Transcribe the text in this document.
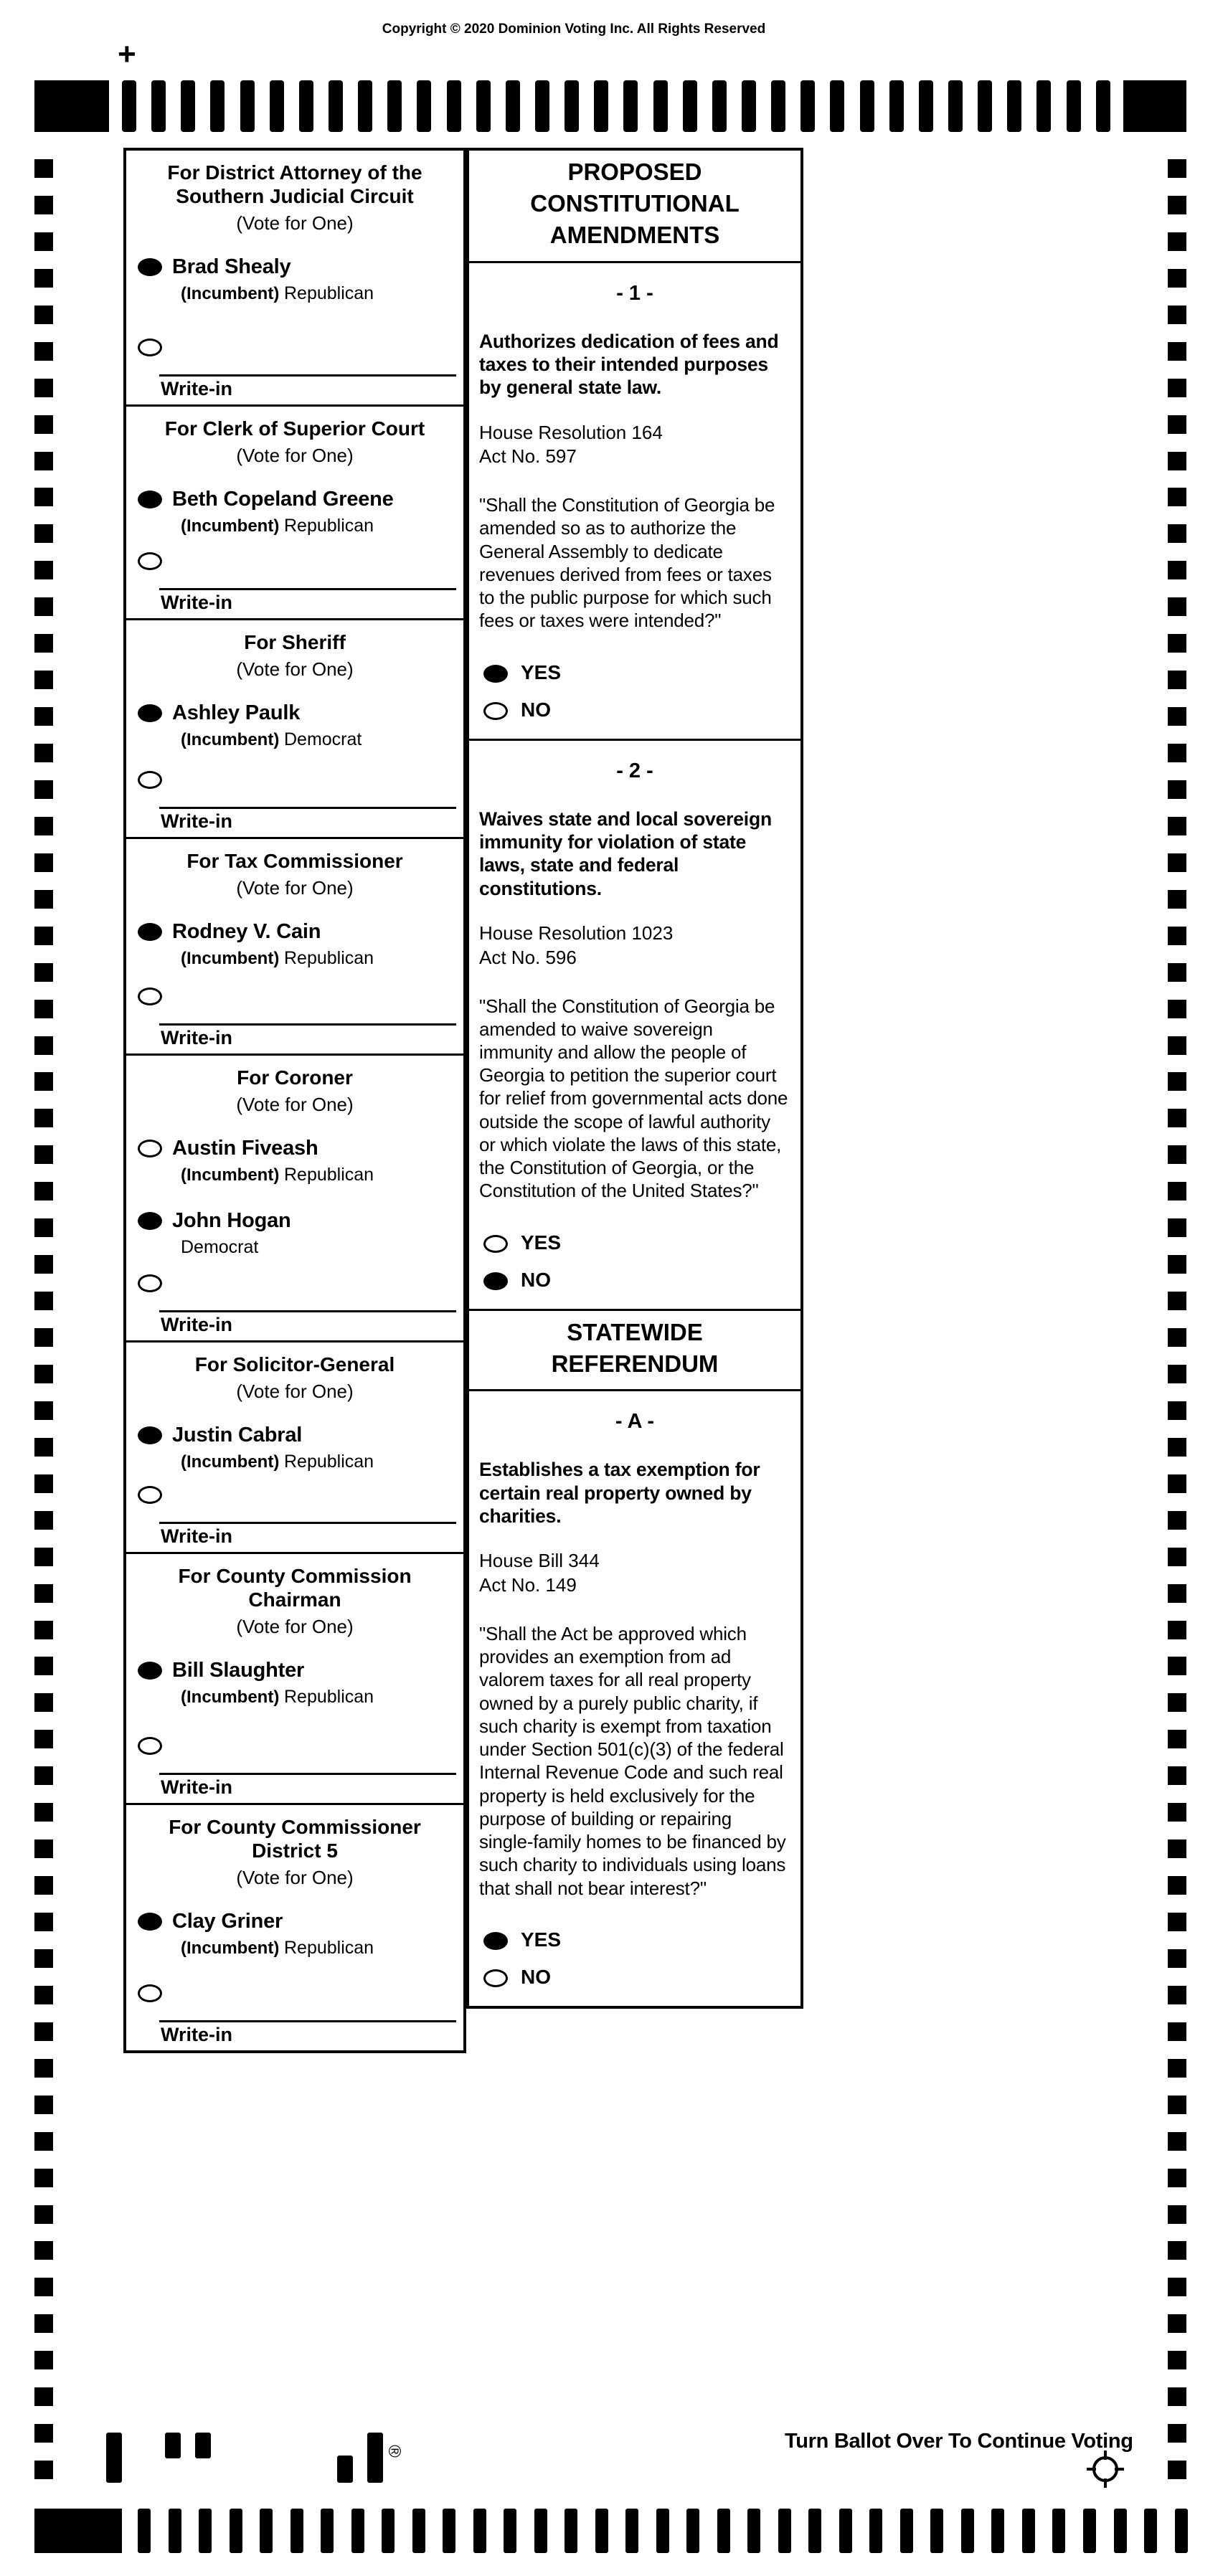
Copyright © 2020 Dominion Voting Inc. All Rights Reserved
+
For District Attorney of the Southern Judicial Circuit
(Vote for One)
Brad Shealy
(Incumbent) Republican
Write-in
For Clerk of Superior Court
(Vote for One)
Beth Copeland Greene
(Incumbent) Republican
Write-in
For Sheriff
(Vote for One)
Ashley Paulk
(Incumbent) Democrat
Write-in
For Tax Commissioner
(Vote for One)
Rodney V. Cain
(Incumbent) Republican
Write-in
For Coroner
(Vote for One)
Austin Fiveash
(Incumbent) Republican
John Hogan
Democrat
Write-in
For Solicitor-General
(Vote for One)
Justin Cabral
(Incumbent) Republican
Write-in
For County Commission Chairman
(Vote for One)
Bill Slaughter
(Incumbent) Republican
Write-in
For County Commissioner District 5
(Vote for One)
Clay Griner
(Incumbent) Republican
Write-in
PROPOSED CONSTITUTIONAL AMENDMENTS
- 1 -
Authorizes dedication of fees and taxes to their intended purposes by general state law.
House Resolution 164
Act No. 597
"Shall the Constitution of Georgia be amended so as to authorize the General Assembly to dedicate revenues derived from fees or taxes to the public purpose for which such fees or taxes were intended?"
YES
NO
- 2 -
Waives state and local sovereign immunity for violation of state laws, state and federal constitutions.
House Resolution 1023
Act No. 596
"Shall the Constitution of Georgia be amended to waive sovereign immunity and allow the people of Georgia to petition the superior court for relief from governmental acts done outside the scope of lawful authority or which violate the laws of this state, the Constitution of Georgia, or the Constitution of the United States?"
YES
NO
STATEWIDE REFERENDUM
- A -
Establishes a tax exemption for certain real property owned by charities.
House Bill 344
Act No. 149
"Shall the Act be approved which provides an exemption from ad valorem taxes for all real property owned by a purely public charity, if such charity is exempt from taxation under Section 501(c)(3) of the federal Internal Revenue Code and such real property is held exclusively for the purpose of building or repairing single-family homes to be financed by such charity to individuals using loans that shall not bear interest?"
YES
NO
®	Turn Ballot Over To Continue Voting
